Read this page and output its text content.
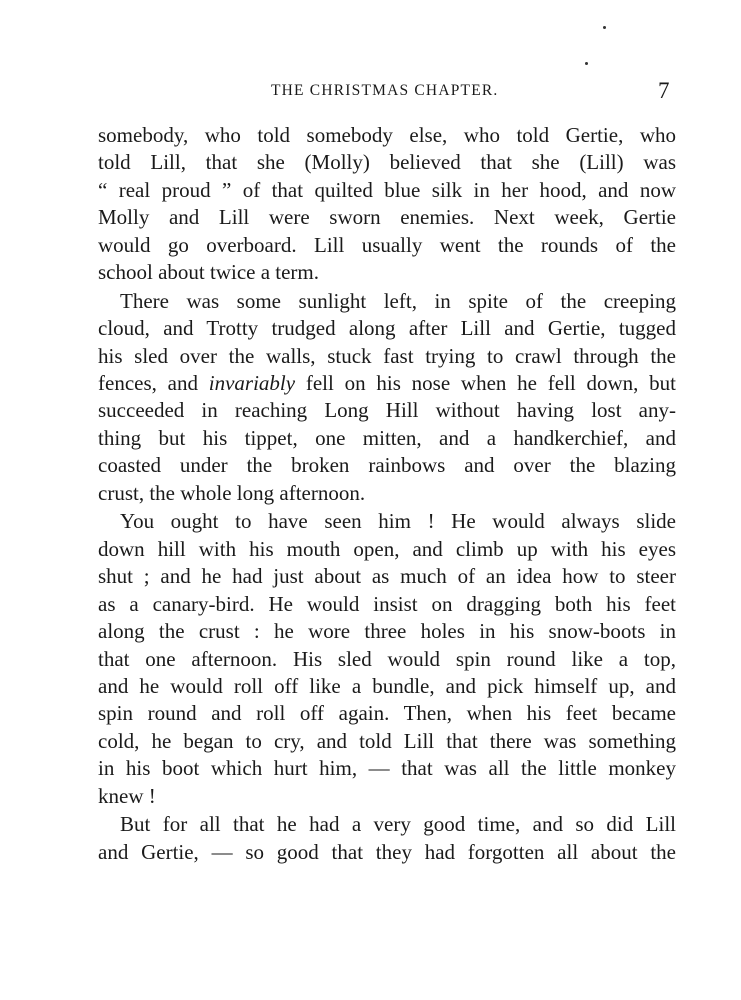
THE CHRISTMAS CHAPTER.	7
somebody, who told somebody else, who told Gertie, who
told Lill, that she (Molly) believed that she (Lill) was
“ real proud ” of that quilted blue silk in her hood, and now
Molly and Lill were sworn enemies. Next week, Gertie
would go overboard. Lill usually went the rounds of the
school about twice a term.
There was some sunlight left, in spite of the creeping
cloud, and Trotty trudged along after Lill and Gertie, tugged
his sled over the walls, stuck fast trying to crawl through the
fences, and invariably fell on his nose when he fell down, but
succeeded in reaching Long Hill without having lost any-
thing but his tippet, one mitten, and a handkerchief, and
coasted under the broken rainbows and over the blazing
crust, the whole long afternoon.
You ought to have seen him ! He would always slide
down hill with his mouth open, and climb up with his eyes
shut ; and he had just about as much of an idea how to steer
as a canary-bird. He would insist on dragging both his feet
along the crust : he wore three holes in his snow-boots in
that one afternoon. His sled would spin round like a top,
and he would roll off like a bundle, and pick himself up, and
spin round and roll off again. Then, when his feet became
cold, he began to cry, and told Lill that there was something
in his boot which hurt him, — that was all the little monkey
knew !
But for all that he had a very good time, and so did Lill
and Gertie, — so good that they had forgotten all about the
